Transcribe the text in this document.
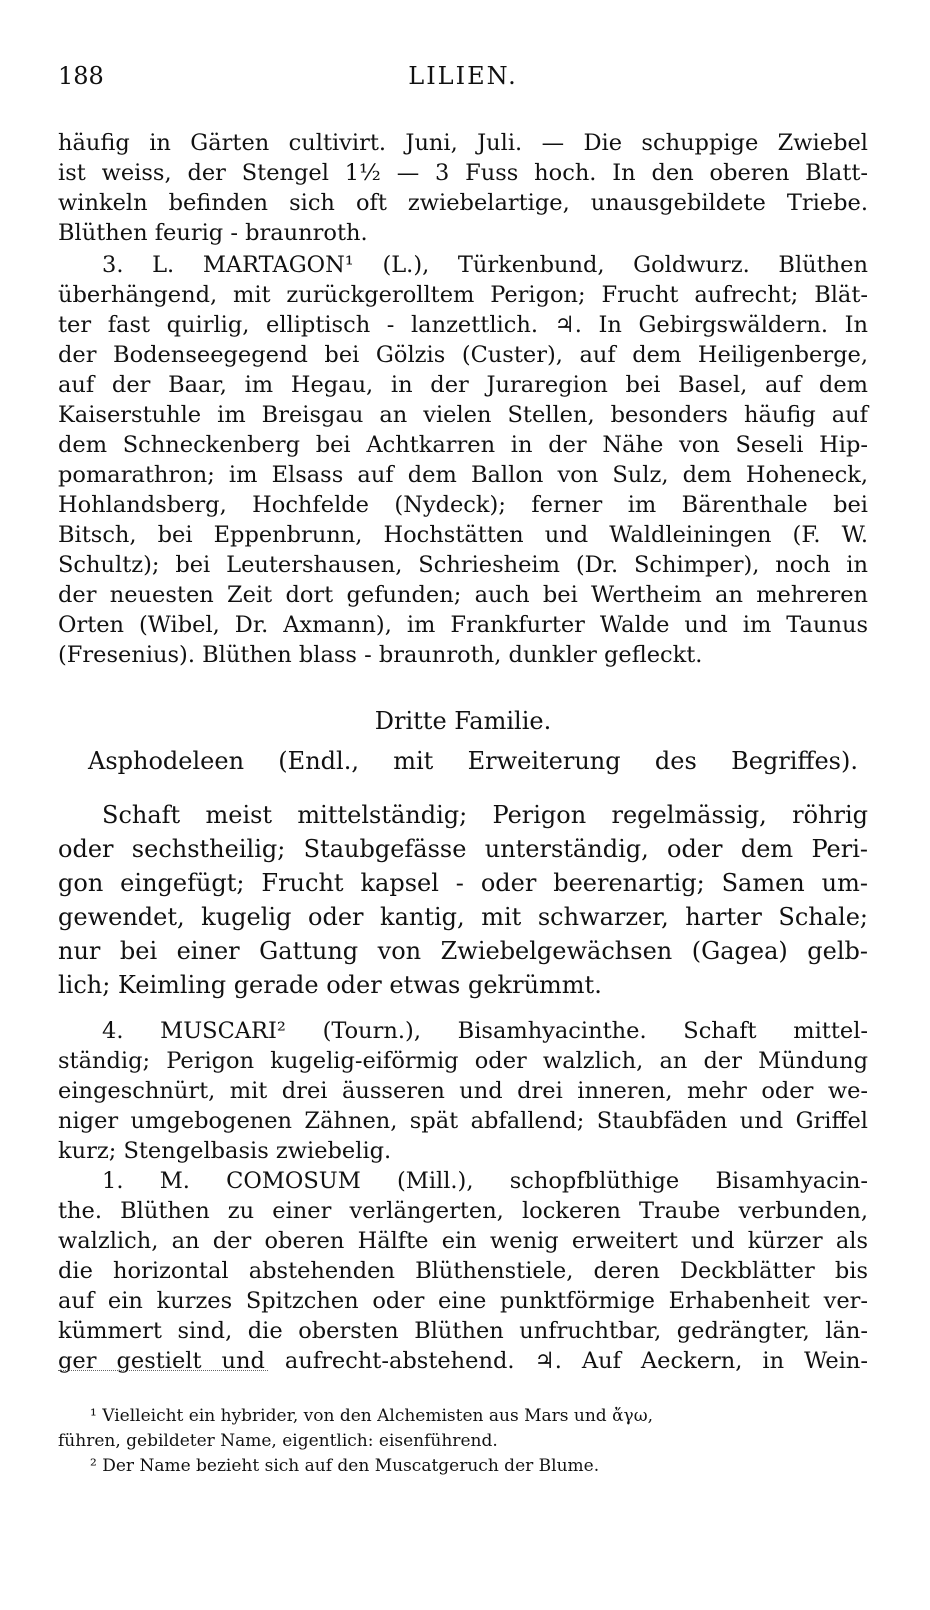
188	LILIEN.
häufig in Gärten cultivirt. Juni, Juli. — Die schuppige Zwiebel
ist weiss, der Stengel 1½ — 3 Fuss hoch. In den oberen Blatt-
winkeln befinden sich oft zwiebelartige, unausgebildete Triebe.
Blüthen feurig - braunroth.
3. L. MARTAGON¹ (L.), Türkenbund, Goldwurz. Blüthen
überhängend, mit zurückgerolltem Perigon; Frucht aufrecht; Blät-
ter fast quirlig, elliptisch - lanzettlich. ♃. In Gebirgswäldern. In
der Bodenseegegend bei Gölzis (Custer), auf dem Heiligenberge,
auf der Baar, im Hegau, in der Juraregion bei Basel, auf dem
Kaiserstuhle im Breisgau an vielen Stellen, besonders häufig auf
dem Schneckenberg bei Achtkarren in der Nähe von Seseli Hip-
pomarathron; im Elsass auf dem Ballon von Sulz, dem Hoheneck,
Hohlandsberg, Hochfelde (Nydeck); ferner im Bärenthale bei
Bitsch, bei Eppenbrunn, Hochstätten und Waldleiningen (F. W.
Schultz); bei Leutershausen, Schriesheim (Dr. Schimper), noch in
der neuesten Zeit dort gefunden; auch bei Wertheim an mehreren
Orten (Wibel, Dr. Axmann), im Frankfurter Walde und im Taunus
(Fresenius). Blüthen blass - braunroth, dunkler gefleckt.
Dritte Familie.
Asphodeleen (Endl., mit Erweiterung des Begriffes).
Schaft meist mittelständig; Perigon regelmässig, röhrig
oder sechstheilig; Staubgefässe unterständig, oder dem Peri-
gon eingefügt; Frucht kapsel - oder beerenartig; Samen um-
gewendet, kugelig oder kantig, mit schwarzer, harter Schale;
nur bei einer Gattung von Zwiebelgewächsen (Gagea) gelb-
lich; Keimling gerade oder etwas gekrümmt.
4. MUSCARI² (Tourn.), Bisamhyacinthe. Schaft mittel-
ständig; Perigon kugelig-eiförmig oder walzlich, an der Mündung
eingeschnürt, mit drei äusseren und drei inneren, mehr oder we-
niger umgebogenen Zähnen, spät abfallend; Staubfäden und Griffel
kurz; Stengelbasis zwiebelig.
1. M. COMOSUM (Mill.), schopfblüthige Bisamhyacin-
the. Blüthen zu einer verlängerten, lockeren Traube verbunden,
walzlich, an der oberen Hälfte ein wenig erweitert und kürzer als
die horizontal abstehenden Blüthenstiele, deren Deckblätter bis
auf ein kurzes Spitzchen oder eine punktförmige Erhabenheit ver-
kümmert sind, die obersten Blüthen unfruchtbar, gedrängter, län-
ger gestielt und aufrecht-abstehend. ♃. Auf Aeckern, in Wein-
¹ Vielleicht ein hybrider, von den Alchemisten aus Mars und ἄγω,
führen, gebildeter Name, eigentlich: eisenführend.
² Der Name bezieht sich auf den Muscatgeruch der Blume.
